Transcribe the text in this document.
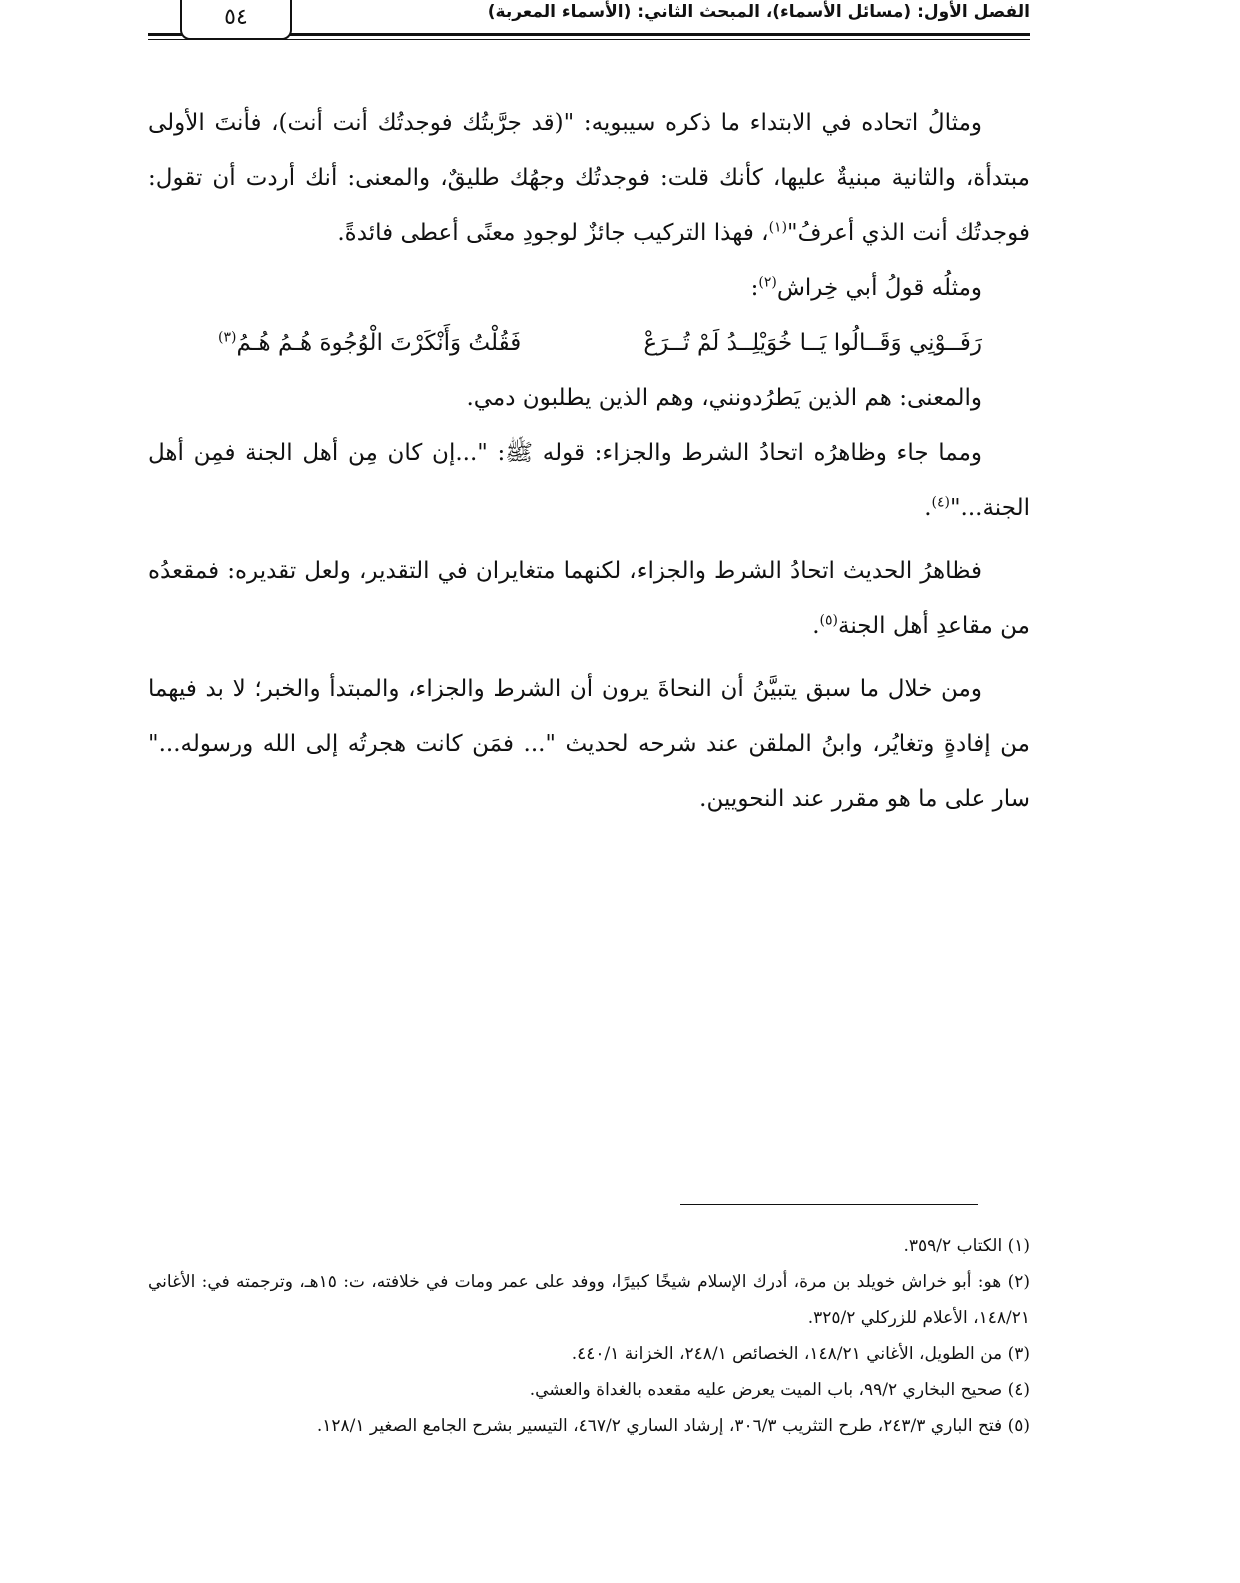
الفصل الأول: (مسائل الأسماء)، المبحث الثاني: (الأسماء المعربة)
٥٤

ومثالُ اتحاده في الابتداء ما ذكره سيبويه: "(قد جرَّبتُك فوجدتُك أنت أنت)، فأنتَ الأولى مبتدأة، والثانية مبنيةٌ عليها، كأنك قلت: فوجدتُك وجهُك طليقٌ، والمعنى: أنك أردت أن تقول: فوجدتُك أنت الذي أعرفُ"$^{(١)}$، فهذا التركيب جائزٌ لوجودِ معنًى أعطى فائدةً.

ومثلُه قولُ أبي خِراش$^{(٢)}$:

رَفَــوْنِي وَقَــالُوا يَــا خُوَيْلِــدُ لَمْ تُــرَعْ
فَقُلْتُ وَأَنْكَرْتَ الْوُجُوهَ هُـمُ هُـمُ$^{(٣)}$

والمعنى: هم الذين يَطرُدونني، وهم الذين يطلبون دمي.

ومما جاء وظاهرُه اتحادُ الشرط والجزاء: قوله ﷺ: "...إن كان مِن أهل الجنة فمِن أهل الجنة..."$^{(٤)}$.

فظاهرُ الحديث اتحادُ الشرط والجزاء، لكنهما متغايران في التقدير، ولعل تقديره: فمقعدُه من مقاعدِ أهل الجنة$^{(٥)}$.

ومن خلال ما سبق يتبيَّنُ أن النحاةَ يرون أن الشرط والجزاء، والمبتدأ والخبر؛ لا بد فيهما من إفادةٍ وتغايُر، وابنُ الملقن عند شرحه لحديث "... فمَن كانت هجرتُه إلى الله ورسوله..." سار على ما هو مقرر عند النحويين.

(١) الكتاب ٣٥٩/٢.

(٢) هو: أبو خراش خويلد بن مرة، أدرك الإسلام شيخًا كبيرًا، ووفد على عمر ومات في خلافته، ت: ١٥هـ، وترجمته في: الأغاني ١٤٨/٢١، الأعلام للزركلي ٣٢٥/٢.

(٣) من الطويل، الأغاني ١٤٨/٢١، الخصائص ٢٤٨/١، الخزانة ٤٤٠/١.

(٤) صحيح البخاري ٩٩/٢، باب الميت يعرض عليه مقعده بالغداة والعشي.

(٥) فتح الباري ٢٤٣/٣، طرح التثريب ٣٠٦/٣، إرشاد الساري ٤٦٧/٢، التيسير بشرح الجامع الصغير ١٢٨/١.
